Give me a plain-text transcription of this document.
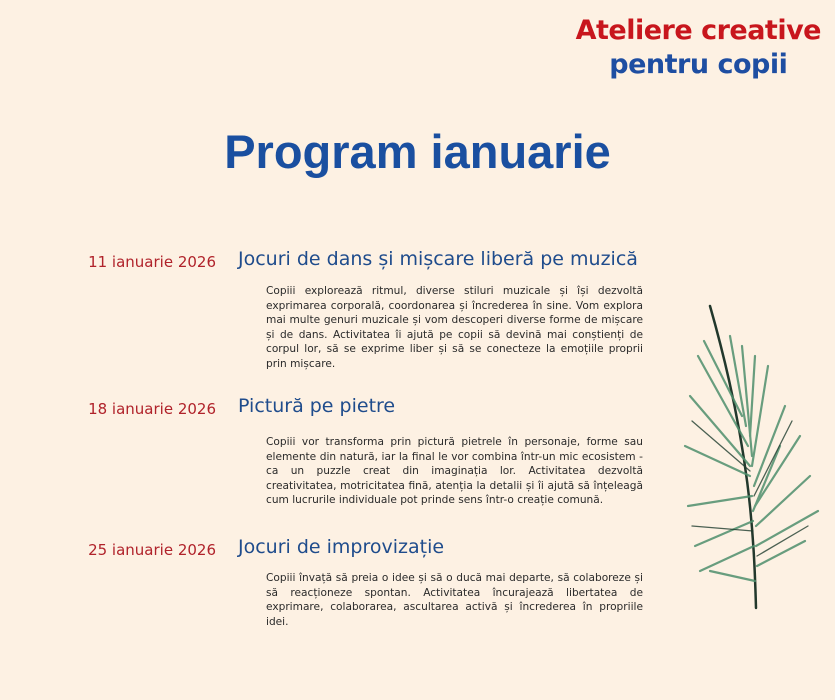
Ateliere creative
pentru copii
Program ianuarie
11 ianuarie 2026 Jocuri de dans și mișcare liberă pe muzică
Copiii explorează ritmul, diverse stiluri muzicale și își dezvoltă exprimarea corporală, coordonarea și încrederea în sine. Vom explora mai multe genuri muzicale și vom descoperi diverse forme de mișcare și de dans. Activitatea îi ajută pe copii să devină mai conștienți de corpul lor, să se exprime liber și să se conecteze la emoțiile proprii prin mișcare.
18 ianuarie 2026 Pictură pe pietre
Copiii vor transforma prin pictură pietrele în personaje, forme sau elemente din natură, iar la final le vor combina într-un mic ecosistem - ca un puzzle creat din imaginația lor. Activitatea dezvoltă creativitatea, motricitatea fină, atenția la detalii și îi ajută să înțeleagă cum lucrurile individuale pot prinde sens într-o creație comună.
25 ianuarie 2026 Jocuri de improvizație
Copiii învață să preia o idee și să o ducă mai departe, să colaboreze și să reacționeze spontan. Activitatea încurajează libertatea de exprimare, colaborarea, ascultarea activă și încrederea în propriile idei.
